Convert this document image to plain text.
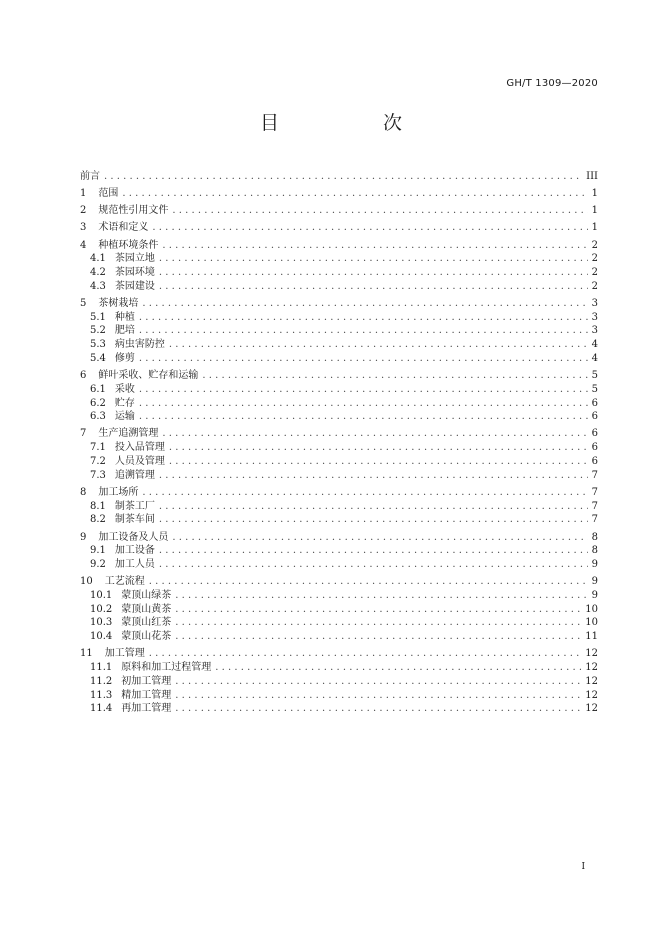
GH/T 1309—2020
目　　次
前言 .....	III
1 范围 .....	1
2 规范性引用文件 .....	1
3 术语和定义 .....	1
4 种植环境条件 .....	2
4.1 茶园立地 .....	2
4.2 茶园环境 .....	2
4.3 茶园建设 .....	2
5 茶树栽培 .....	3
5.1 种植 .....	3
5.2 肥培 .....	3
5.3 病虫害防控 .....	4
5.4 修剪 .....	4
6 鲜叶采收、贮存和运输 .....	5
6.1 采收 .....	5
6.2 贮存 .....	6
6.3 运输 .....	6
7 生产追溯管理 .....	6
7.1 投入品管理 .....	6
7.2 人员及管理 .....	6
7.3 追溯管理 .....	7
8 加工场所 .....	7
8.1 制茶工厂 .....	7
8.2 制茶车间 .....	7
9 加工设备及人员 .....	8
9.1 加工设备 .....	8
9.2 加工人员 .....	9
10 工艺流程 .....	9
10.1 蒙顶山绿茶 .....	9
10.2 蒙顶山黄茶 .....	10
10.3 蒙顶山红茶 .....	10
10.4 蒙顶山花茶 .....	11
11 加工管理 .....	12
11.1 原料和加工过程管理 .....	12
11.2 初加工管理 .....	12
11.3 精加工管理 .....	12
11.4 再加工管理 .....	12
I
